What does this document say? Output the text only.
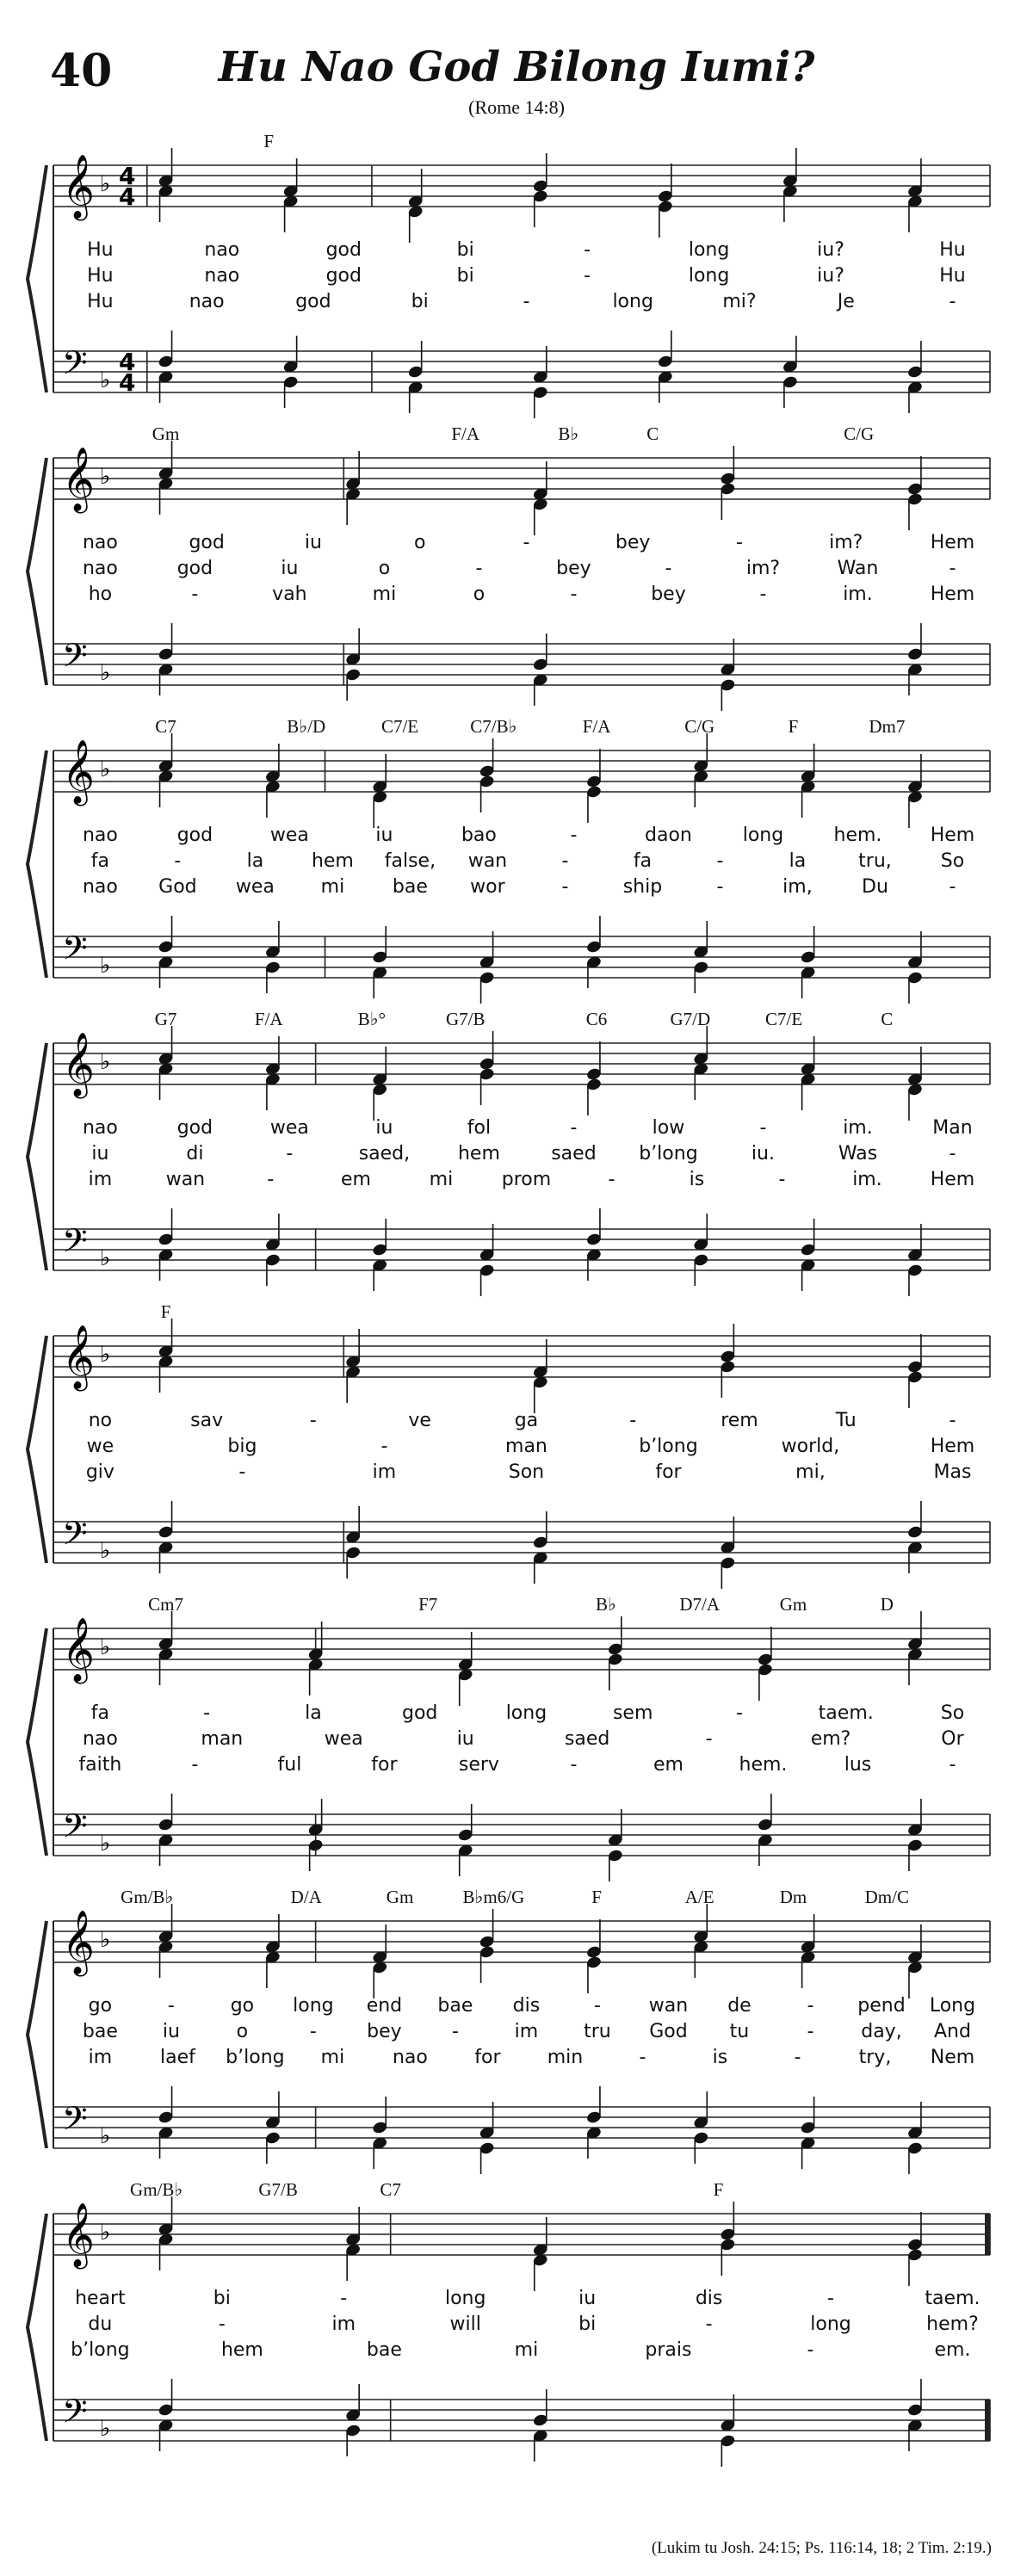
40	Hu Nao God Bilong Iumi?
(Rome 14:8)
𝄞
𝄢
♭
♭
4
4
4
4
F
Hu	nao	god	bi	-	long	iu?	Hu
Hu	nao	god	bi	-	long	iu?	Hu
Hu	nao	god	bi	-	long	mi?	Je	-
𝄞
𝄢
♭
♭
Gm	F/A	B♭	C	C/G
nao	god	iu	o	-	bey	-	im?	Hem
nao	god	iu	o	-	bey	-	im?	Wan	-
ho	-	vah	mi	o	-	bey	-	im.	Hem
𝄞
𝄢
♭
♭
C7	B♭/D	C7/E	C7/B♭	F/A	C/G	F	Dm7
nao	god	wea	iu	bao	-	daon	long	hem.	Hem
fa	-	la	hem false, wan	-	fa	-	la	tru,	So
nao God wea mi	bae wor	-	ship	-	im,	Du	-
𝄞
𝄢
♭
♭
G7	F/A	B♭°	G7/B	C6	G7/D	C7/E	C
nao	god	wea	iu	fol	-	low	-	im.	Man
iu	di	-	saed,	hem	saed b’long	iu.	Was	-
im	wan	-	em	mi	prom	-	is	-	im.	Hem
𝄞
𝄢
♭
♭
F
no	sav	-	ve	ga	-	rem	Tu	-
we	big	-	man	b’long	world,	Hem
giv	-	im	Son	for	mi,	Mas
𝄞
𝄢
♭
♭
Cm7	F7	B♭	D7/A	Gm	D
fa	-	la	god	long	sem	-	taem.	So
nao	man	wea	iu	saed	-	em?	Or
faith	-	ful	for	serv	-	em	hem.	lus	-
𝄞
𝄢
♭
♭
Gm/B♭	D/A	Gm	B♭m6/G	F	A/E	Dm	Dm/C
go	-	go long end bae dis	-	wan de	- pend Long
bae iu	o	-	bey	-	im tru God tu	- day, And
im	laef b’long mi	nao for min	-	is	-	try, Nem
𝄞
𝄢
♭
♭
Gm/B♭	G7/B	C7	F
heart	bi	-	long	iu	dis	-	taem.
du	-	im	will	bi	-	long	hem?
b’long	hem	bae	mi	prais	-	em.
(Lukim tu Josh. 24:15; Ps. 116:14, 18; 2 Tim. 2:19.)
